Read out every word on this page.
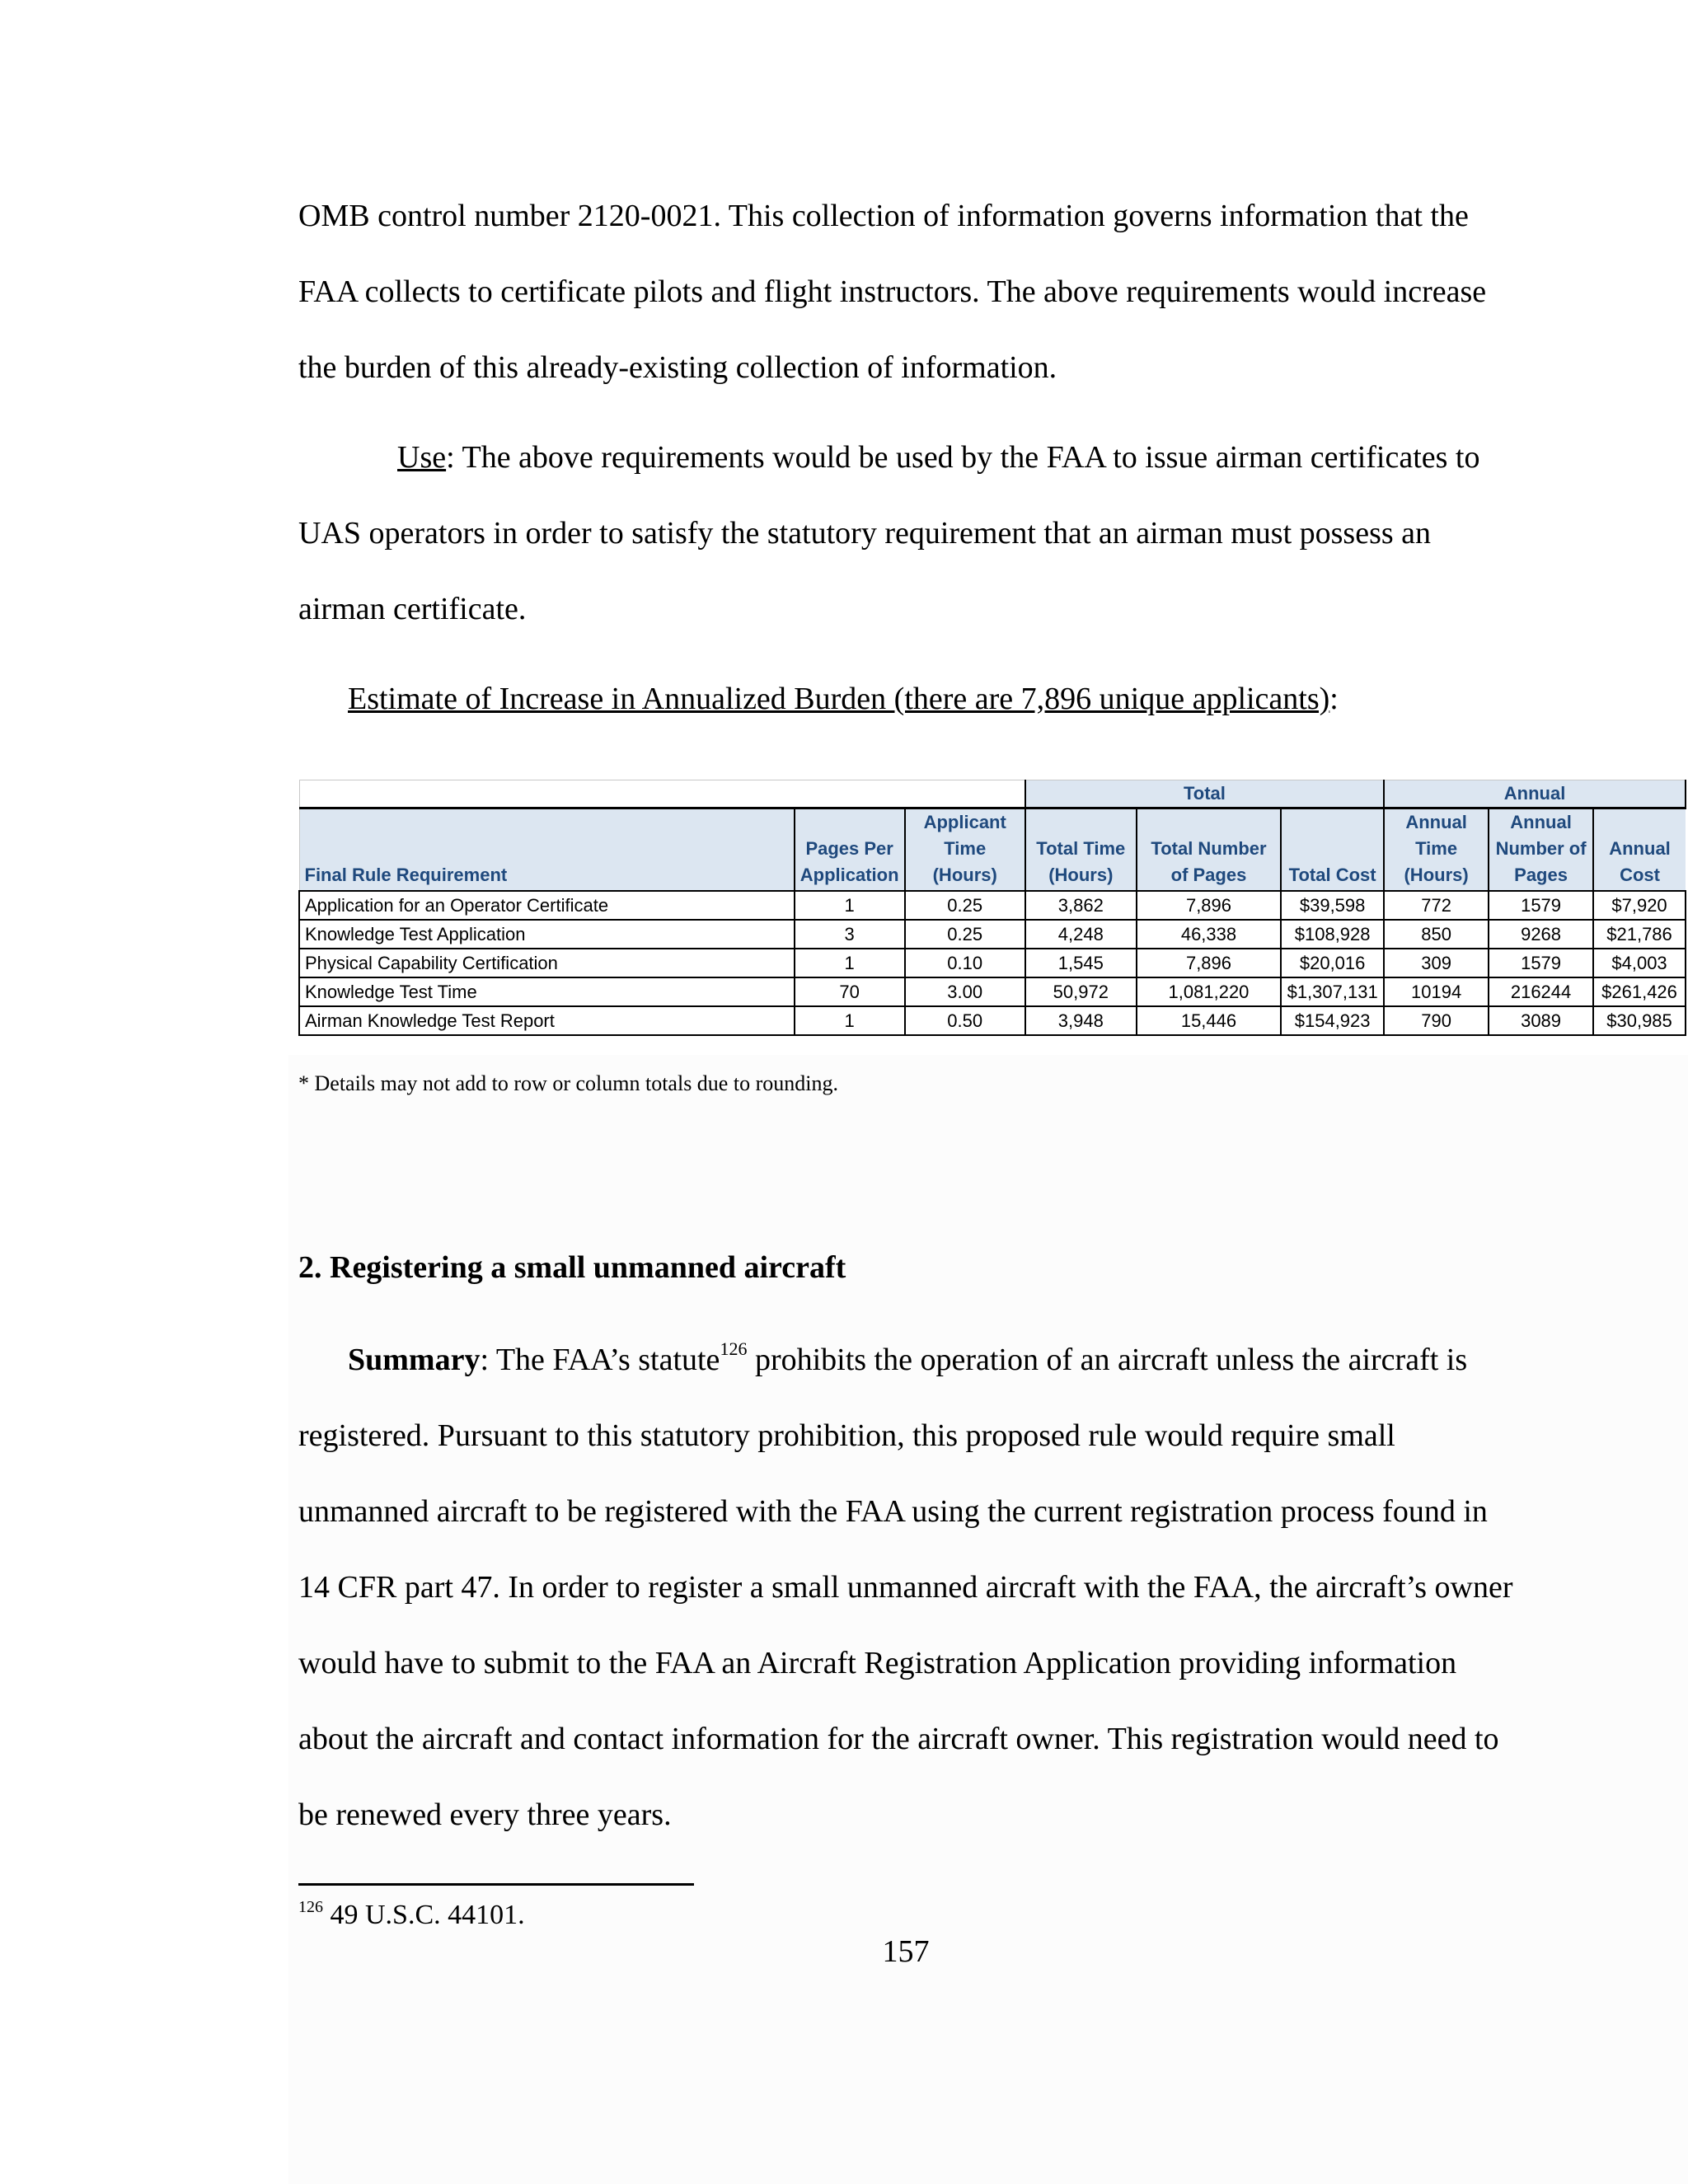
OMB control number 2120-0021. This collection of information governs information that the FAA collects to certificate pilots and flight instructors. The above requirements would increase the burden of this already-existing collection of information.

Use: The above requirements would be used by the FAA to issue airman certificates to UAS operators in order to satisfy the statutory requirement that an airman must possess an airman certificate.

Estimate of Increase in Annualized Burden (there are 7,896 unique applicants):

			Total			Annual		
Final Rule Requirement	Pages Per Application	Applicant Time (Hours)	Total Time (Hours)	Total Number of Pages	Total Cost	Annual Time (Hours)	Annual Number of Pages	Annual Cost
Application for an Operator Certificate	1	0.25	3,862	7,896	$39,598	772	1579	$7,920
Knowledge Test Application	3	0.25	4,248	46,338	$108,928	850	9268	$21,786
Physical Capability Certification	1	0.10	1,545	7,896	$20,016	309	1579	$4,003
Knowledge Test Time	70	3.00	50,972	1,081,220	$1,307,131	10194	216244	$261,426
Airman Knowledge Test Report	1	0.50	3,948	15,446	$154,923	790	3089	$30,985
* Details may not add to row or column totals due to rounding.

2. Registering a small unmanned aircraft

Summary: The FAA’s statute$^{126}$ prohibits the operation of an aircraft unless the aircraft is registered. Pursuant to this statutory prohibition, this proposed rule would require small unmanned aircraft to be registered with the FAA using the current registration process found in 14 CFR part 47. In order to register a small unmanned aircraft with the FAA, the aircraft’s owner would have to submit to the FAA an Aircraft Registration Application providing information about the aircraft and contact information for the aircraft owner. This registration would need to be renewed every three years.

$^{126}$ 49 U.S.C. 44101.
157
